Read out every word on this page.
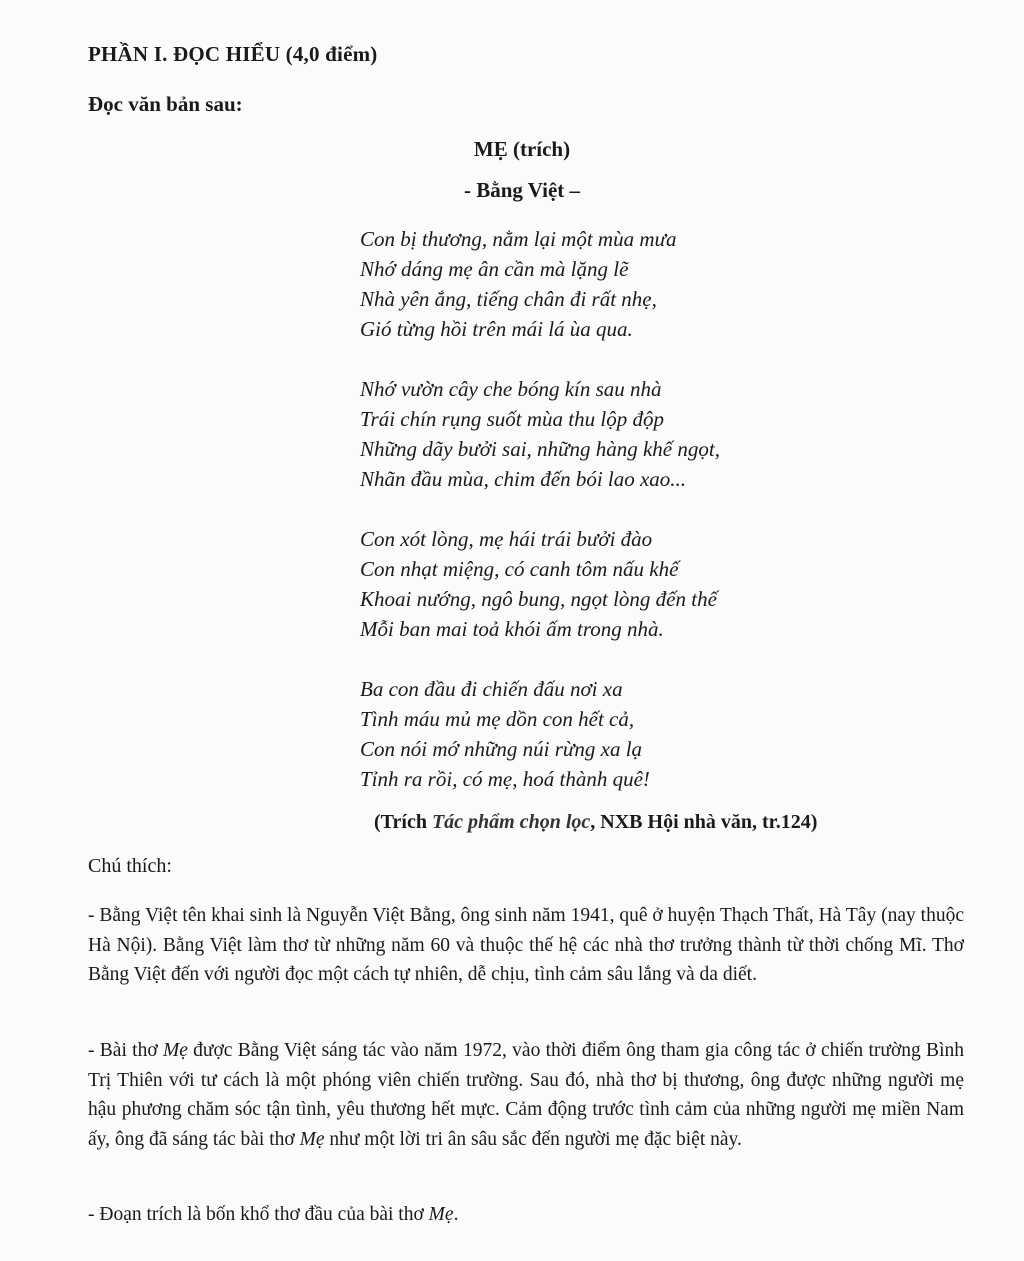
PHẦN I. ĐỌC HIỂU (4,0 điểm)
Đọc văn bản sau:
MẸ (trích)
- Bằng Việt –
Con bị thương, nằm lại một mùa mưa
Nhớ dáng mẹ ân cần mà lặng lẽ
Nhà yên ắng, tiếng chân đi rất nhẹ,
Gió từng hồi trên mái lá ùa qua.
Nhớ vườn cây che bóng kín sau nhà
Trái chín rụng suốt mùa thu lộp độp
Những dãy bưởi sai, những hàng khế ngọt,
Nhãn đầu mùa, chim đến bói lao xao...
Con xót lòng, mẹ hái trái bưởi đào
Con nhạt miệng, có canh tôm nấu khế
Khoai nướng, ngô bung, ngọt lòng đến thế
Mỗi ban mai toả khói ấm trong nhà.
Ba con đầu đi chiến đấu nơi xa
Tình máu mủ mẹ dồn con hết cả,
Con nói mớ những núi rừng xa lạ
Tỉnh ra rồi, có mẹ, hoá thành quê!
(Trích Tác phẩm chọn lọc, NXB Hội nhà văn, tr.124)
Chú thích:
- Bằng Việt tên khai sinh là Nguyễn Việt Bằng, ông sinh năm 1941, quê ở huyện Thạch Thất, Hà Tây (nay thuộc Hà Nội). Bằng Việt làm thơ từ những năm 60 và thuộc thế hệ các nhà thơ trưởng thành từ thời chống Mĩ. Thơ Bằng Việt đến với người đọc một cách tự nhiên, dễ chịu, tình cảm sâu lắng và da diết.
- Bài thơ Mẹ được Bằng Việt sáng tác vào năm 1972, vào thời điểm ông tham gia công tác ở chiến trường Bình Trị Thiên với tư cách là một phóng viên chiến trường. Sau đó, nhà thơ bị thương, ông được những người mẹ hậu phương chăm sóc tận tình, yêu thương hết mực. Cảm động trước tình cảm của những người mẹ miền Nam ấy, ông đã sáng tác bài thơ Mẹ như một lời tri ân sâu sắc đến người mẹ đặc biệt này.
- Đoạn trích là bốn khổ thơ đầu của bài thơ Mẹ.
